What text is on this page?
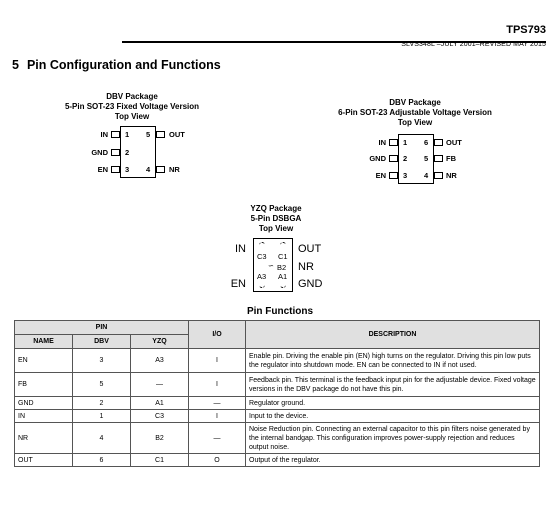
TPS793
SLVS348L –JULY 2001–REVISED MAY 2015
5 Pin Configuration and Functions
DBV Package
5-Pin SOT-23 Fixed Voltage Version
Top View
IN
GND
EN
1
2
3
5
4
OUT
NR
DBV Package
6-Pin SOT-23 Adjustable Voltage Version
Top View
IN
GND
EN
1
2
3
6
5
4
OUT
FB
NR
YZQ Package
5-Pin DSBGA
Top View
IN
EN
OUT
NR
GND
∽
C3 C1
B2
A3 A1
Pin Functions
PIN			I/O	DESCRIPTION
NAME	DBV	YZQ		
EN	3	A3	I	Enable pin. Driving the enable pin (EN) high turns on the regulator. Driving this pin low puts the regulator into shutdown mode. EN can be connected to IN if not used.
FB	5	—	I	Feedback pin. This terminal is the feedback input pin for the adjustable device. Fixed voltage versions in the DBV package do not have this pin.
GND	2	A1	—	Regulator ground.
IN	1	C3	I	Input to the device.
NR	4	B2	—	Noise Reduction pin. Connecting an external capacitor to this pin filters noise generated by the internal bandgap. This configuration improves power-supply rejection and reduces output noise.
OUT	6	C1	O	Output of the regulator.
